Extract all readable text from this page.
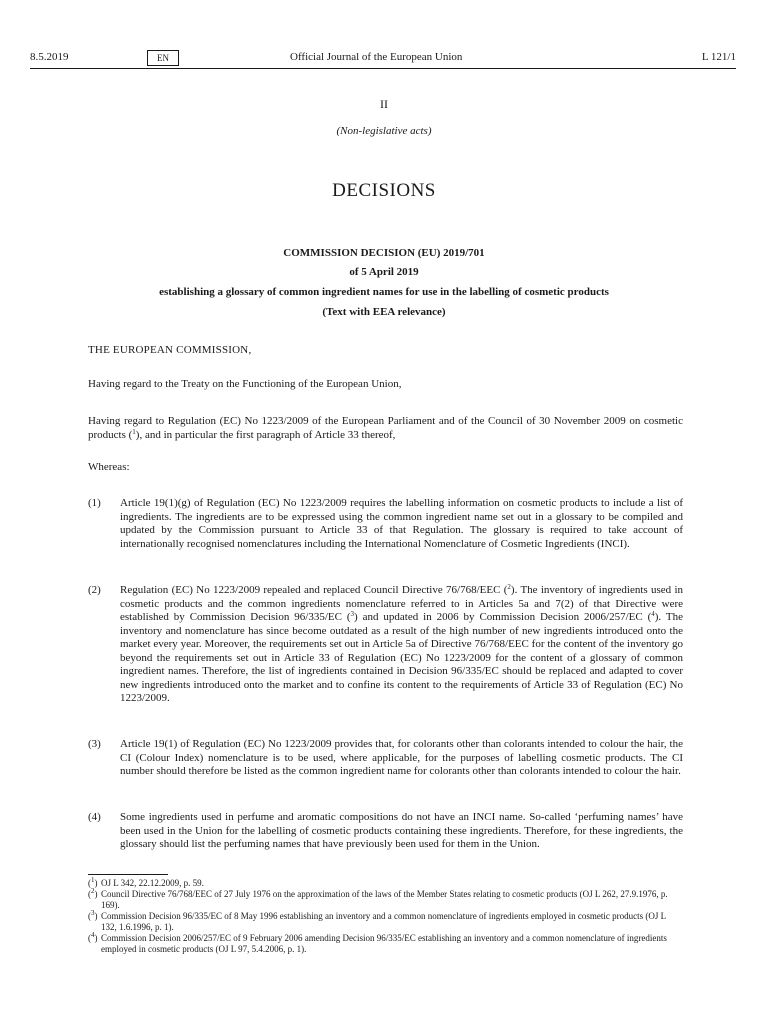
8.5.2019	EN	Official Journal of the European Union	L 121/1
II
(Non-legislative acts)
DECISIONS
COMMISSION DECISION (EU) 2019/701
of 5 April 2019
establishing a glossary of common ingredient names for use in the labelling of cosmetic products
(Text with EEA relevance)
THE EUROPEAN COMMISSION,
Having regard to the Treaty on the Functioning of the European Union,
Having regard to Regulation (EC) No 1223/2009 of the European Parliament and of the Council of 30 November 2009 on cosmetic products ($^1$), and in particular the first paragraph of Article 33 thereof,
Whereas:
(1)	Article 19(1)(g) of Regulation (EC) No 1223/2009 requires the labelling information on cosmetic products to include a list of ingredients. The ingredients are to be expressed using the common ingredient name set out in a glossary to be compiled and updated by the Commission pursuant to Article 33 of that Regulation. The glossary is required to take account of internationally recognised nomenclatures including the International Nomenclature of Cosmetic Ingredients (INCI).
(2)	Regulation (EC) No 1223/2009 repealed and replaced Council Directive 76/768/EEC ($^2$). The inventory of ingredients used in cosmetic products and the common ingredients nomenclature referred to in Articles 5a and 7(2) of that Directive were established by Commission Decision 96/335/EC ($^3$) and updated in 2006 by Commission Decision 2006/257/EC ($^4$). The inventory and nomenclature has since become outdated as a result of the high number of new ingredients introduced onto the market every year. Moreover, the requirements set out in Article 5a of Directive 76/768/EEC for the content of the inventory go beyond the requirements set out in Article 33 of Regulation (EC) No 1223/2009 for the content of a glossary of common ingredient names. Therefore, the list of ingredients contained in Decision 96/335/EC should be replaced and adapted to cover new ingredients introduced onto the market and to confine its content to the requirements of Article 33 of Regulation (EC) No 1223/2009.
(3)	Article 19(1) of Regulation (EC) No 1223/2009 provides that, for colorants other than colorants intended to colour the hair, the CI (Colour Index) nomenclature is to be used, where applicable, for the purposes of labelling cosmetic products. The CI number should therefore be listed as the common ingredient name for colorants other than colorants intended to colour the hair.
(4)	Some ingredients used in perfume and aromatic compositions do not have an INCI name. So-called ‘perfuming names’ have been used in the Union for the labelling of cosmetic products containing these ingredients. Therefore, for these ingredients, the glossary should list the perfuming names that have previously been used for them in the Union.
($^1$) OJ L 342, 22.12.2009, p. 59.
($^2$) Council Directive 76/768/EEC of 27 July 1976 on the approximation of the laws of the Member States relating to cosmetic products (OJ L 262, 27.9.1976, p. 169).
($^3$) Commission Decision 96/335/EC of 8 May 1996 establishing an inventory and a common nomenclature of ingredients employed in cosmetic products (OJ L 132, 1.6.1996, p. 1).
($^4$) Commission Decision 2006/257/EC of 9 February 2006 amending Decision 96/335/EC establishing an inventory and a common nomenclature of ingredients employed in cosmetic products (OJ L 97, 5.4.2006, p. 1).
